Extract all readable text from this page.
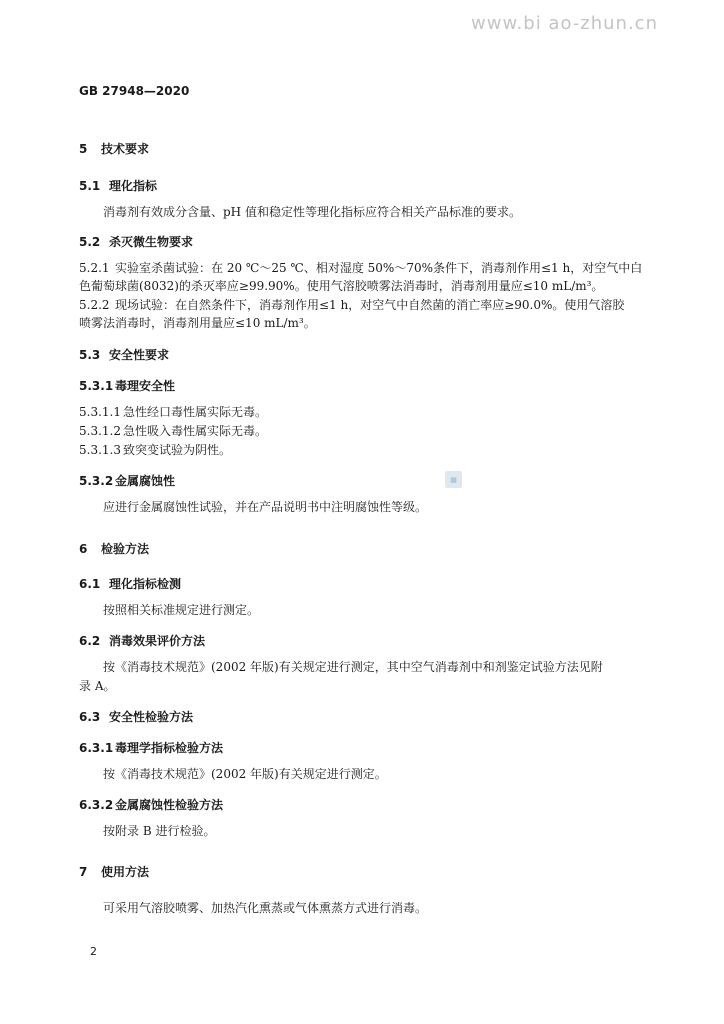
www.bi ao-zhun.cn
GB 27948—2020
5 技术要求
5.1 理化指标
消毒剂有效成分含量、pH 值和稳定性等理化指标应符合相关产品标准的要求。
5.2 杀灭微生物要求
5.2.1 实验室杀菌试验：在 20 ℃～25 ℃、相对湿度 50%～70%条件下，消毒剂作用≤1 h，对空气中白
色葡萄球菌(8032)的杀灭率应≥99.90%。使用气溶胶喷雾法消毒时，消毒剂用量应≤10 mL/m³。
5.2.2 现场试验：在自然条件下，消毒剂作用≤1 h，对空气中自然菌的消亡率应≥90.0%。使用气溶胶
喷雾法消毒时，消毒剂用量应≤10 mL/m³。
5.3 安全性要求
5.3.1 毒理安全性
5.3.1.1 急性经口毒性属实际无毒。
5.3.1.2 急性吸入毒性属实际无毒。
5.3.1.3 致突变试验为阴性。
5.3.2 金属腐蚀性	▦
应进行金属腐蚀性试验，并在产品说明书中注明腐蚀性等级。
6 检验方法
6.1 理化指标检测
按照相关标准规定进行测定。
6.2 消毒效果评价方法
按《消毒技术规范》(2002 年版)有关规定进行测定，其中空气消毒剂中和剂鉴定试验方法见附
录 A。
6.3 安全性检验方法
6.3.1 毒理学指标检验方法
按《消毒技术规范》(2002 年版)有关规定进行测定。
6.3.2 金属腐蚀性检验方法
按附录 B 进行检验。
7 使用方法
可采用气溶胶喷雾、加热汽化熏蒸或气体熏蒸方式进行消毒。
2
